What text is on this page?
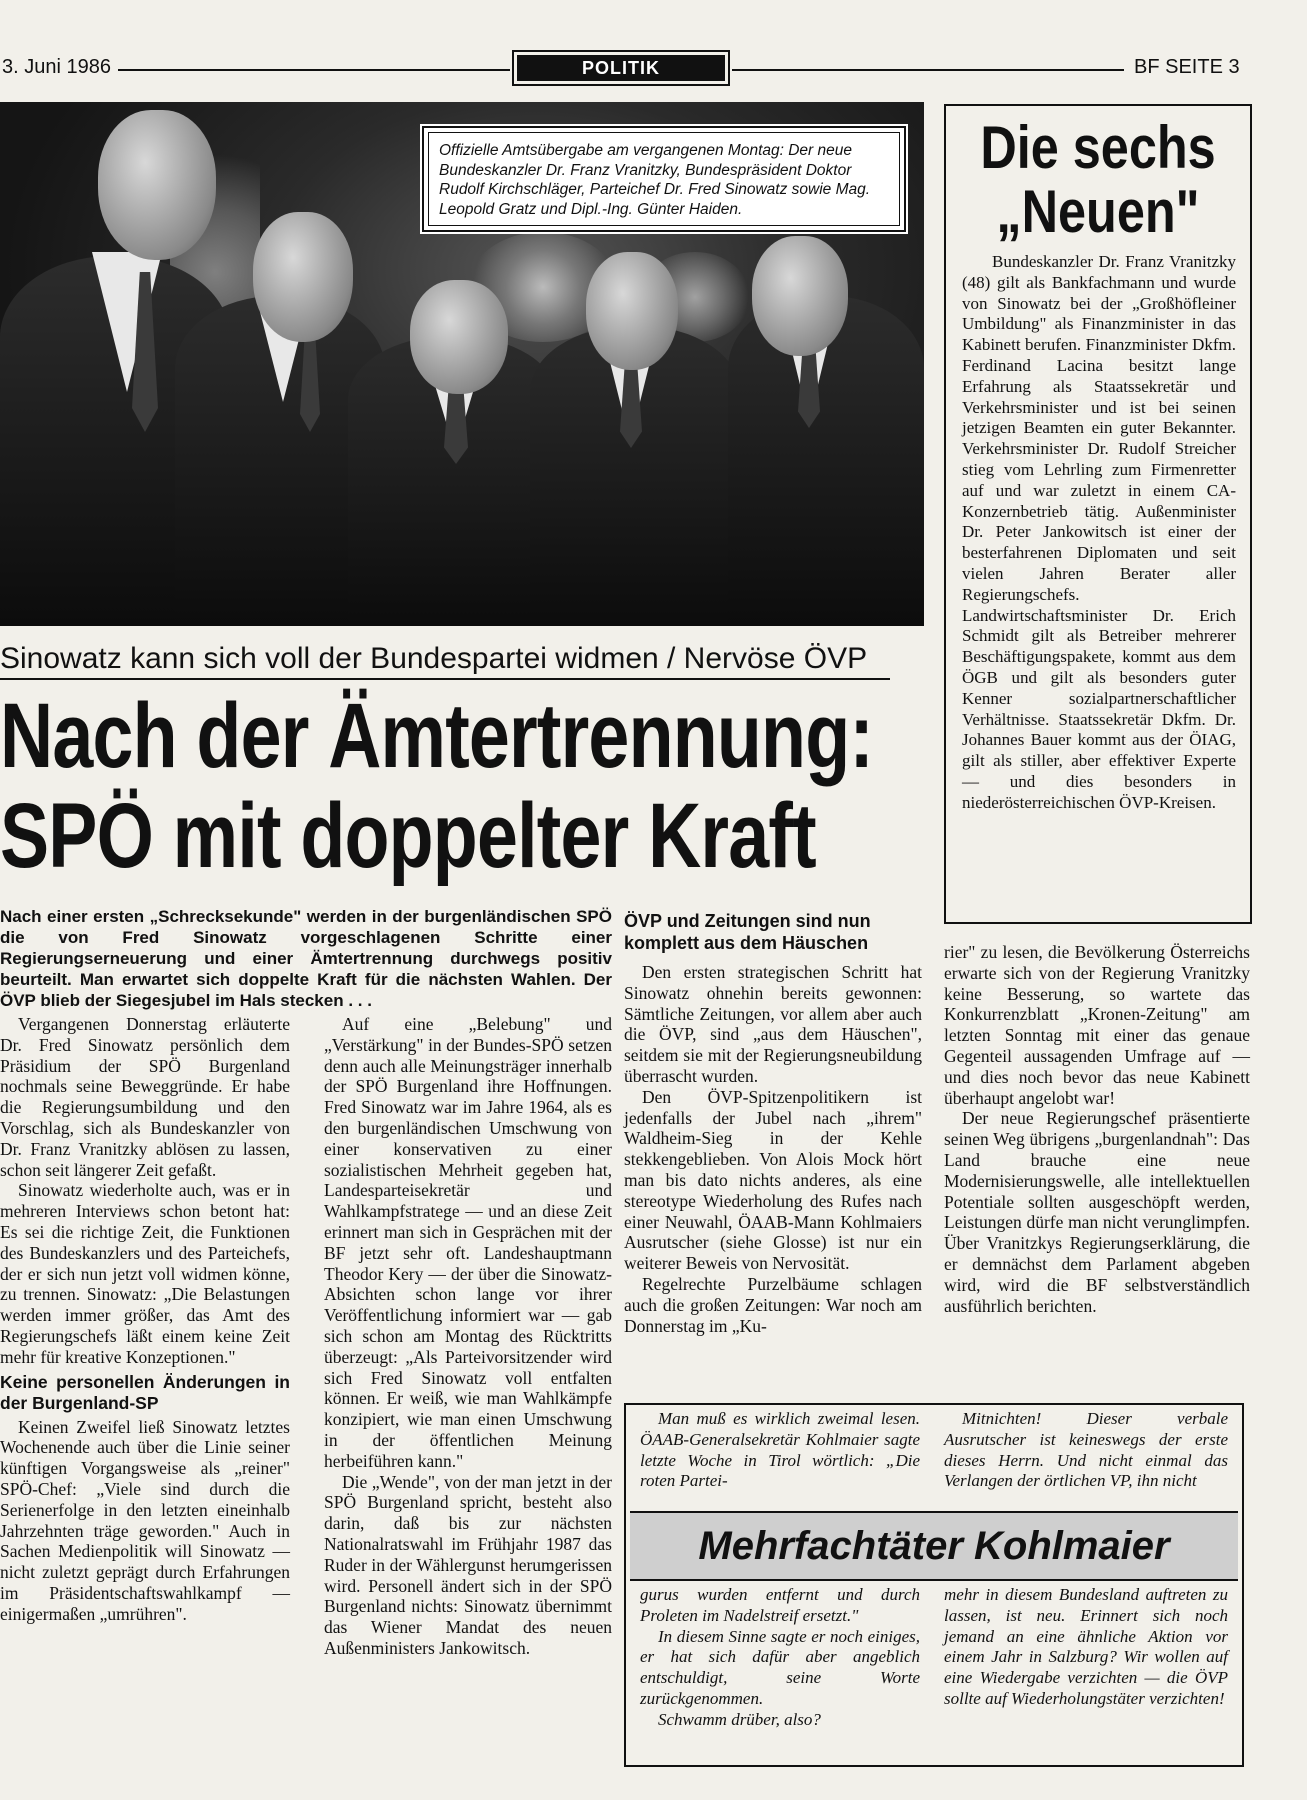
3. Juni 1986	POLITIK	BF SEITE 3
Offizielle Amtsübergabe am vergangenen Montag: Der neue Bundeskanzler Dr. Franz Vranitzky, Bundespräsident Doktor Rudolf Kirchschläger, Parteichef Dr. Fred Sinowatz sowie Mag. Leopold Gratz und Dipl.-Ing. Günter Haiden.
Sinowatz kann sich voll der Bundespartei widmen / Nervöse ÖVP
Nach der Ämtertrennung:
SPÖ mit doppelter Kraft
Nach einer ersten „Schrecksekunde" werden in der burgenländischen SPÖ die von Fred Sinowatz vorgeschlagenen Schritte einer Regierungserneuerung und einer Ämtertrennung durchwegs positiv beurteilt. Man erwartet sich doppelte Kraft für die nächsten Wahlen. Der ÖVP blieb der Siegesjubel im Hals stecken . . .

Vergangenen Donnerstag erläuterte Dr. Fred Sinowatz persönlich dem Präsidium der SPÖ Burgenland nochmals seine Beweggründe. Er habe die Regierungsumbildung und den Vorschlag, sich als Bundeskanzler von Dr. Franz Vranitzky ablösen zu lassen, schon seit längerer Zeit gefaßt.

Sinowatz wiederholte auch, was er in mehreren Interviews schon betont hat: Es sei die richtige Zeit, die Funktionen des Bundeskanzlers und des Parteichefs, der er sich nun jetzt voll widmen könne, zu trennen. Sinowatz: „Die Belastungen werden immer größer, das Amt des Regierungschefs läßt einem keine Zeit mehr für kreative Konzeptionen."

Keine personellen Änderungen in der Burgenland-SP

Keinen Zweifel ließ Sinowatz letztes Wochenende auch über die Linie seiner künftigen Vorgangsweise als „reiner" SPÖ-Chef: „Viele sind durch die Serienerfolge in den letzten eineinhalb Jahrzehnten träge geworden." Auch in Sachen Medienpolitik will Sinowatz — nicht zuletzt geprägt durch Erfahrungen im Präsidentschaftswahlkampf — einigermaßen „umrühren".

Auf eine „Belebung" und „Verstärkung" in der Bundes-SPÖ setzen denn auch alle Meinungsträger innerhalb der SPÖ Burgenland ihre Hoffnungen. Fred Sinowatz war im Jahre 1964, als es den burgenländischen Umschwung von einer konservativen zu einer sozialistischen Mehrheit gegeben hat, Landesparteisekretär und Wahlkampfstratege — und an diese Zeit erinnert man sich in Gesprächen mit der BF jetzt sehr oft. Landeshauptmann Theodor Kery — der über die Sinowatz-Absichten schon lange vor ihrer Veröffentlichung informiert war — gab sich schon am Montag des Rücktritts überzeugt: „Als Parteivorsitzender wird sich Fred Sinowatz voll entfalten können. Er weiß, wie man Wahlkämpfe konzipiert, wie man einen Umschwung in der öffentlichen Meinung herbeiführen kann."

Die „Wende", von der man jetzt in der SPÖ Burgenland spricht, besteht also darin, daß bis zur nächsten Nationalratswahl im Frühjahr 1987 das Ruder in der Wählergunst herumgerissen wird. Personell ändert sich in der SPÖ Burgenland nichts: Sinowatz übernimmt das Wiener Mandat des neuen Außenministers Jankowitsch.

ÖVP und Zeitungen sind nun komplett aus dem Häuschen

Den ersten strategischen Schritt hat Sinowatz ohnehin bereits gewonnen: Sämtliche Zeitungen, vor allem aber auch die ÖVP, sind „aus dem Häuschen", seitdem sie mit der Regierungsneubildung überrascht wurden.

Den ÖVP-Spitzenpolitikern ist jedenfalls der Jubel nach „ihrem" Waldheim-Sieg in der Kehle stekkengeblieben. Von Alois Mock hört man bis dato nichts anderes, als eine stereotype Wiederholung des Rufes nach einer Neuwahl, ÖAAB-Mann Kohlmaiers Ausrutscher (siehe Glosse) ist nur ein weiterer Beweis von Nervosität.

Regelrechte Purzelbäume schlagen auch die großen Zeitungen: War noch am Donnerstag im „Ku-

rier" zu lesen, die Bevölkerung Österreichs erwarte sich von der Regierung Vranitzky keine Besserung, so wartete das Konkurrenzblatt „Kronen-Zeitung" am letzten Sonntag mit einer das genaue Gegenteil aussagenden Umfrage auf — und dies noch bevor das neue Kabinett überhaupt angelobt war!

Der neue Regierungschef präsentierte seinen Weg übrigens „burgenlandnah": Das Land brauche eine neue Modernisierungswelle, alle intellektuellen Potentiale sollten ausgeschöpft werden, Leistungen dürfe man nicht verunglimpfen. Über Vranitzkys Regierungserklärung, die er demnächst dem Parlament abgeben wird, wird die BF selbstverständlich ausführlich berichten.

Die sechs
„Neuen"

Bundeskanzler Dr. Franz Vranitzky (48) gilt als Bankfachmann und wurde von Sinowatz bei der „Großhöfleiner Umbildung" als Finanzminister in das Kabinett berufen. Finanzminister Dkfm. Ferdinand Lacina besitzt lange Erfahrung als Staatssekretär und Verkehrsminister und ist bei seinen jetzigen Beamten ein guter Bekannter. Verkehrsminister Dr. Rudolf Streicher stieg vom Lehrling zum Firmenretter auf und war zuletzt in einem CA-Konzernbetrieb tätig. Außenminister Dr. Peter Jankowitsch ist einer der besterfahrenen Diplomaten und seit vielen Jahren Berater aller Regierungschefs. Landwirtschaftsminister Dr. Erich Schmidt gilt als Betreiber mehrerer Beschäftigungspakete, kommt aus dem ÖGB und gilt als besonders guter Kenner sozialpartnerschaftlicher Verhältnisse. Staatssekretär Dkfm. Dr. Johannes Bauer kommt aus der ÖIAG, gilt als stiller, aber effektiver Experte — und dies besonders in niederösterreichischen ÖVP-Kreisen.

Man muß es wirklich zweimal lesen. ÖAAB-Generalsekretär Kohlmaier sagte letzte Woche in Tirol wörtlich: „Die roten Partei-

Mitnichten! Dieser verbale Ausrutscher ist keineswegs der erste dieses Herrn. Und nicht einmal das Verlangen der örtlichen VP, ihn nicht

Mehrfachtäter Kohlmaier

gurus wurden entfernt und durch Proleten im Nadelstreif ersetzt."

In diesem Sinne sagte er noch einiges, er hat sich dafür aber angeblich entschuldigt, seine Worte zurückgenommen.

Schwamm drüber, also?

mehr in diesem Bundesland auftreten zu lassen, ist neu. Erinnert sich noch jemand an eine ähnliche Aktion vor einem Jahr in Salzburg? Wir wollen auf eine Wiedergabe verzichten — die ÖVP sollte auf Wiederholungstäter verzichten!
